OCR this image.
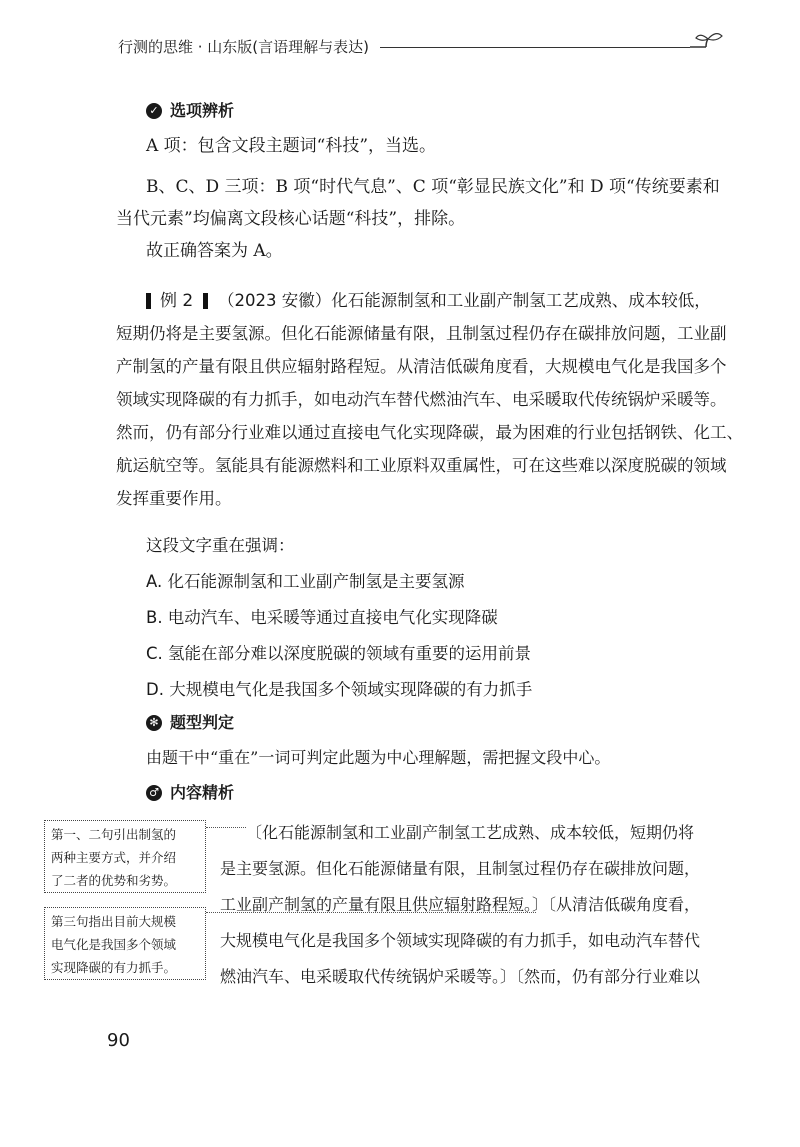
行测的思维 · 山东版(言语理解与表达)
✓ 选项辨析
A 项：包含文段主题词“科技”，当选。
B、C、D 三项：B 项“时代气息”、C 项“彰显民族文化”和 D 项“传统要素和
当代元素”均偏离文段核心话题“科技”，排除。
故正确答案为 A。
例 2 （2023 安徽）化石能源制氢和工业副产制氢工艺成熟、成本较低，
短期仍将是主要氢源。但化石能源储量有限，且制氢过程仍存在碳排放问题，工业副
产制氢的产量有限且供应辐射路程短。从清洁低碳角度看，大规模电气化是我国多个
领域实现降碳的有力抓手，如电动汽车替代燃油汽车、电采暖取代传统锅炉采暖等。
然而，仍有部分行业难以通过直接电气化实现降碳，最为困难的行业包括钢铁、化工、
航运航空等。氢能具有能源燃料和工业原料双重属性，可在这些难以深度脱碳的领域
发挥重要作用。
这段文字重在强调：
A. 化石能源制氢和工业副产制氢是主要氢源
B. 电动汽车、电采暖等通过直接电气化实现降碳
C. 氢能在部分难以深度脱碳的领域有重要的运用前景
D. 大规模电气化是我国多个领域实现降碳的有力抓手
✻ 题型判定
由题干中“重在”一词可判定此题为中心理解题，需把握文段中心。
♂ 内容精析
第一、二句引出制氢的
两种主要方式，并介绍
了二者的优势和劣势。
第三句指出目前大规模
电气化是我国多个领域
实现降碳的有力抓手。
〔化石能源制氢和工业副产制氢工艺成熟、成本较低，短期仍将
是主要氢源。但化石能源储量有限，且制氢过程仍存在碳排放问题，
工业副产制氢的产量有限且供应辐射路程短。〕〔从清洁低碳角度看，
大规模电气化是我国多个领域实现降碳的有力抓手，如电动汽车替代
燃油汽车、电采暖取代传统锅炉采暖等。〕〔然而，仍有部分行业难以
90
